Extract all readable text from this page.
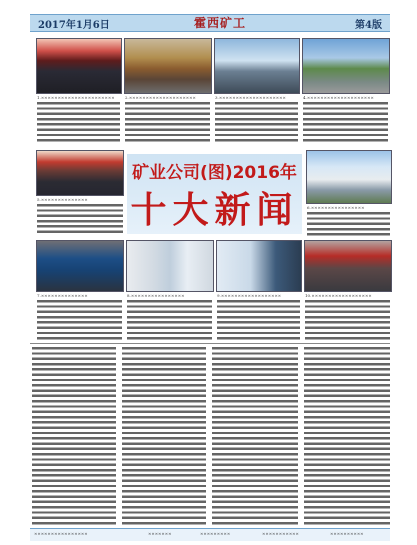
2017年1月6日	霍西矿工	第4版
1.××××××××××××××××××××××	2.××××××××××××××××××××	3.××××××××××××××××××××	4.××××××××××××××××××××
5.××××××××××××××
矿业公司(图)2016年
十大新闻	6.××××××××××××××××
7.××××××××××××××	8.××××××××××××××××	9.××××××××××××××××××	10.××××××××××××××××××
××××××××××××××××	×××××××	×××××××××	×××××××××××	××××××××××
